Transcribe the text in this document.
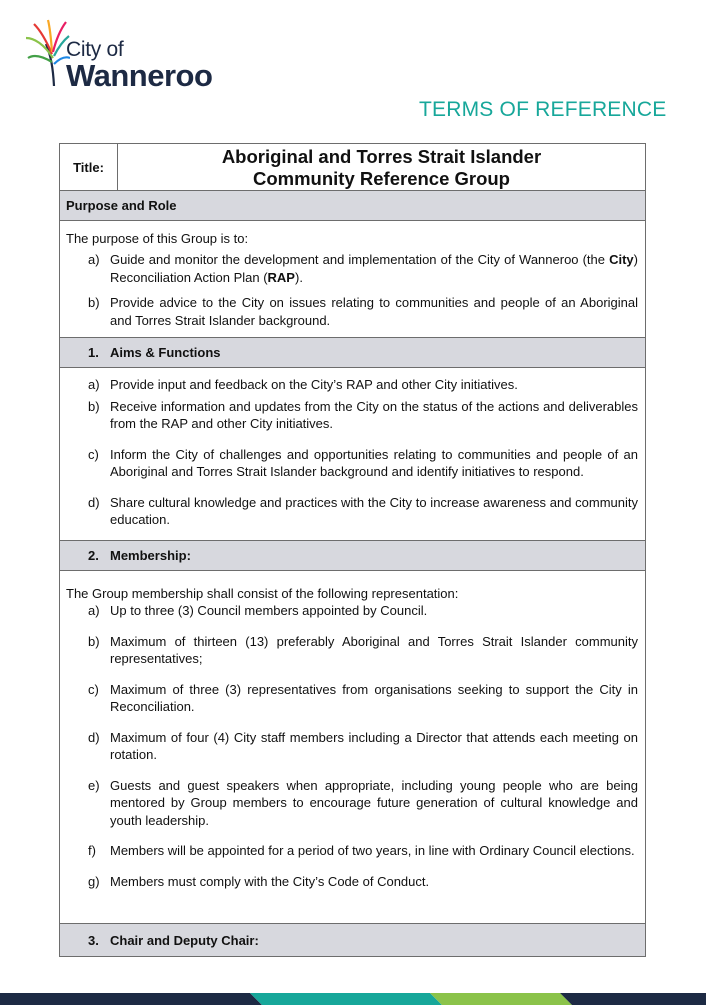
City of
Wanneroo
TERMS OF REFERENCE
Title:	Aboriginal and Torres Strait Islander
Community Reference Group

Purpose and Role

The purpose of this Group is to:
a) Guide and monitor the development and implementation of the City of Wanneroo (the City) Reconciliation Action Plan (RAP).
b) Provide advice to the City on issues relating to communities and people of an Aboriginal and Torres Strait Islander background.

1. Aims & Functions

a) Provide input and feedback on the City’s RAP and other City initiatives.
b) Receive information and updates from the City on the status of the actions and deliverables from the RAP and other City initiatives.
c) Inform the City of challenges and opportunities relating to communities and people of an Aboriginal and Torres Strait Islander background and identify initiatives to respond.
d) Share cultural knowledge and practices with the City to increase awareness and community education.

2. Membership:

The Group membership shall consist of the following representation:
a) Up to three (3) Council members appointed by Council.
b) Maximum of thirteen (13) preferably Aboriginal and Torres Strait Islander community representatives;
c) Maximum of three (3) representatives from organisations seeking to support the City in Reconciliation.
d) Maximum of four (4) City staff members including a Director that attends each meeting on rotation.
e) Guests and guest speakers when appropriate, including young people who are being mentored by Group members to encourage future generation of cultural knowledge and youth leadership.
f) Members will be appointed for a period of two years, in line with Ordinary Council elections.
g) Members must comply with the City’s Code of Conduct.

3. Chair and Deputy Chair:
